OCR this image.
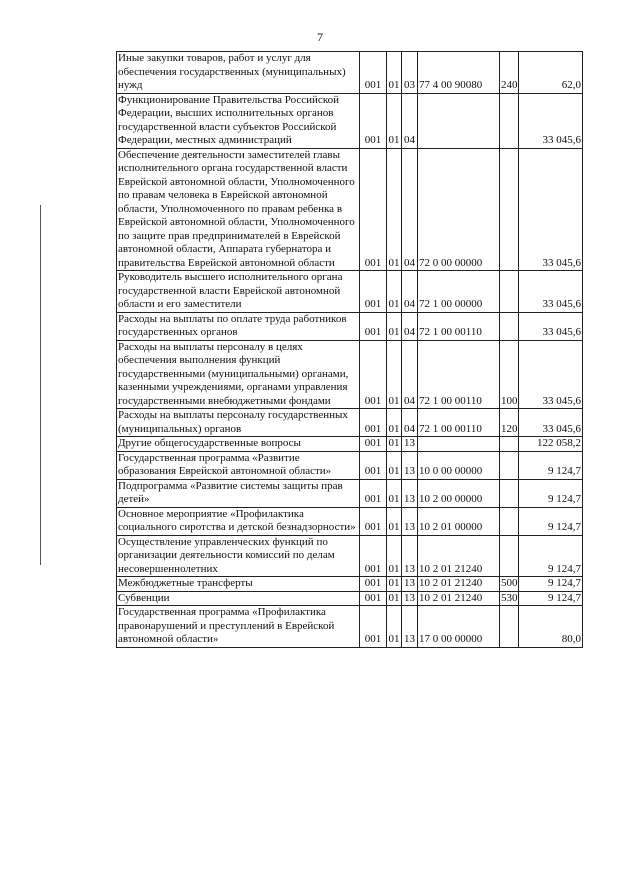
7
Иные закупки товаров, работ и услуг для обеспечения государственных (муниципальных) нужд	001	01	03	77 4 00 90080	240	62,0
Функционирование Правительства Российской Федерации, высших исполнительных органов государственной власти субъектов Российской Федерации, местных администраций	001	01	04			33 045,6
Обеспечение деятельности заместителей главы исполнительного органа государственной власти Еврейской автономной области, Уполномоченного по правам человека в Еврейской автономной области, Уполномоченного по правам ребенка в Еврейской автономной области, Уполномоченного по защите прав предпринимателей в Еврейской автономной области, Аппарата губернатора и правительства Еврейской автономной области	001	01	04	72 0 00 00000		33 045,6
Руководитель высшего исполнительного органа государственной власти Еврейской автономной области и его заместители	001	01	04	72 1 00 00000		33 045,6
Расходы на выплаты по оплате труда работников государственных органов	001	01	04	72 1 00 00110		33 045,6
Расходы на выплаты персоналу в целях обеспечения выполнения функций государственными (муниципальными) органами, казенными учреждениями, органами управления государственными внебюджетными фондами	001	01	04	72 1 00 00110	100	33 045,6
Расходы на выплаты персоналу государственных (муниципальных) органов	001	01	04	72 1 00 00110	120	33 045,6
Другие общегосударственные вопросы	001	01	13			122 058,2
Государственная программа «Развитие образования Еврейской автономной области»	001	01	13	10 0 00 00000		9 124,7
Подпрограмма «Развитие системы защиты прав детей»	001	01	13	10 2 00 00000		9 124,7
Основное мероприятие «Профилактика социального сиротства и детской безнадзорности»	001	01	13	10 2 01 00000		9 124,7
Осуществление управленческих функций по организации деятельности комиссий по делам несовершеннолетних	001	01	13	10 2 01 21240		9 124,7
Межбюджетные трансферты	001	01	13	10 2 01 21240	500	9 124,7
Субвенции	001	01	13	10 2 01 21240	530	9 124,7
Государственная программа «Профилактика правонарушений и преступлений в Еврейской автономной области»	001	01	13	17 0 00 00000		80,0
